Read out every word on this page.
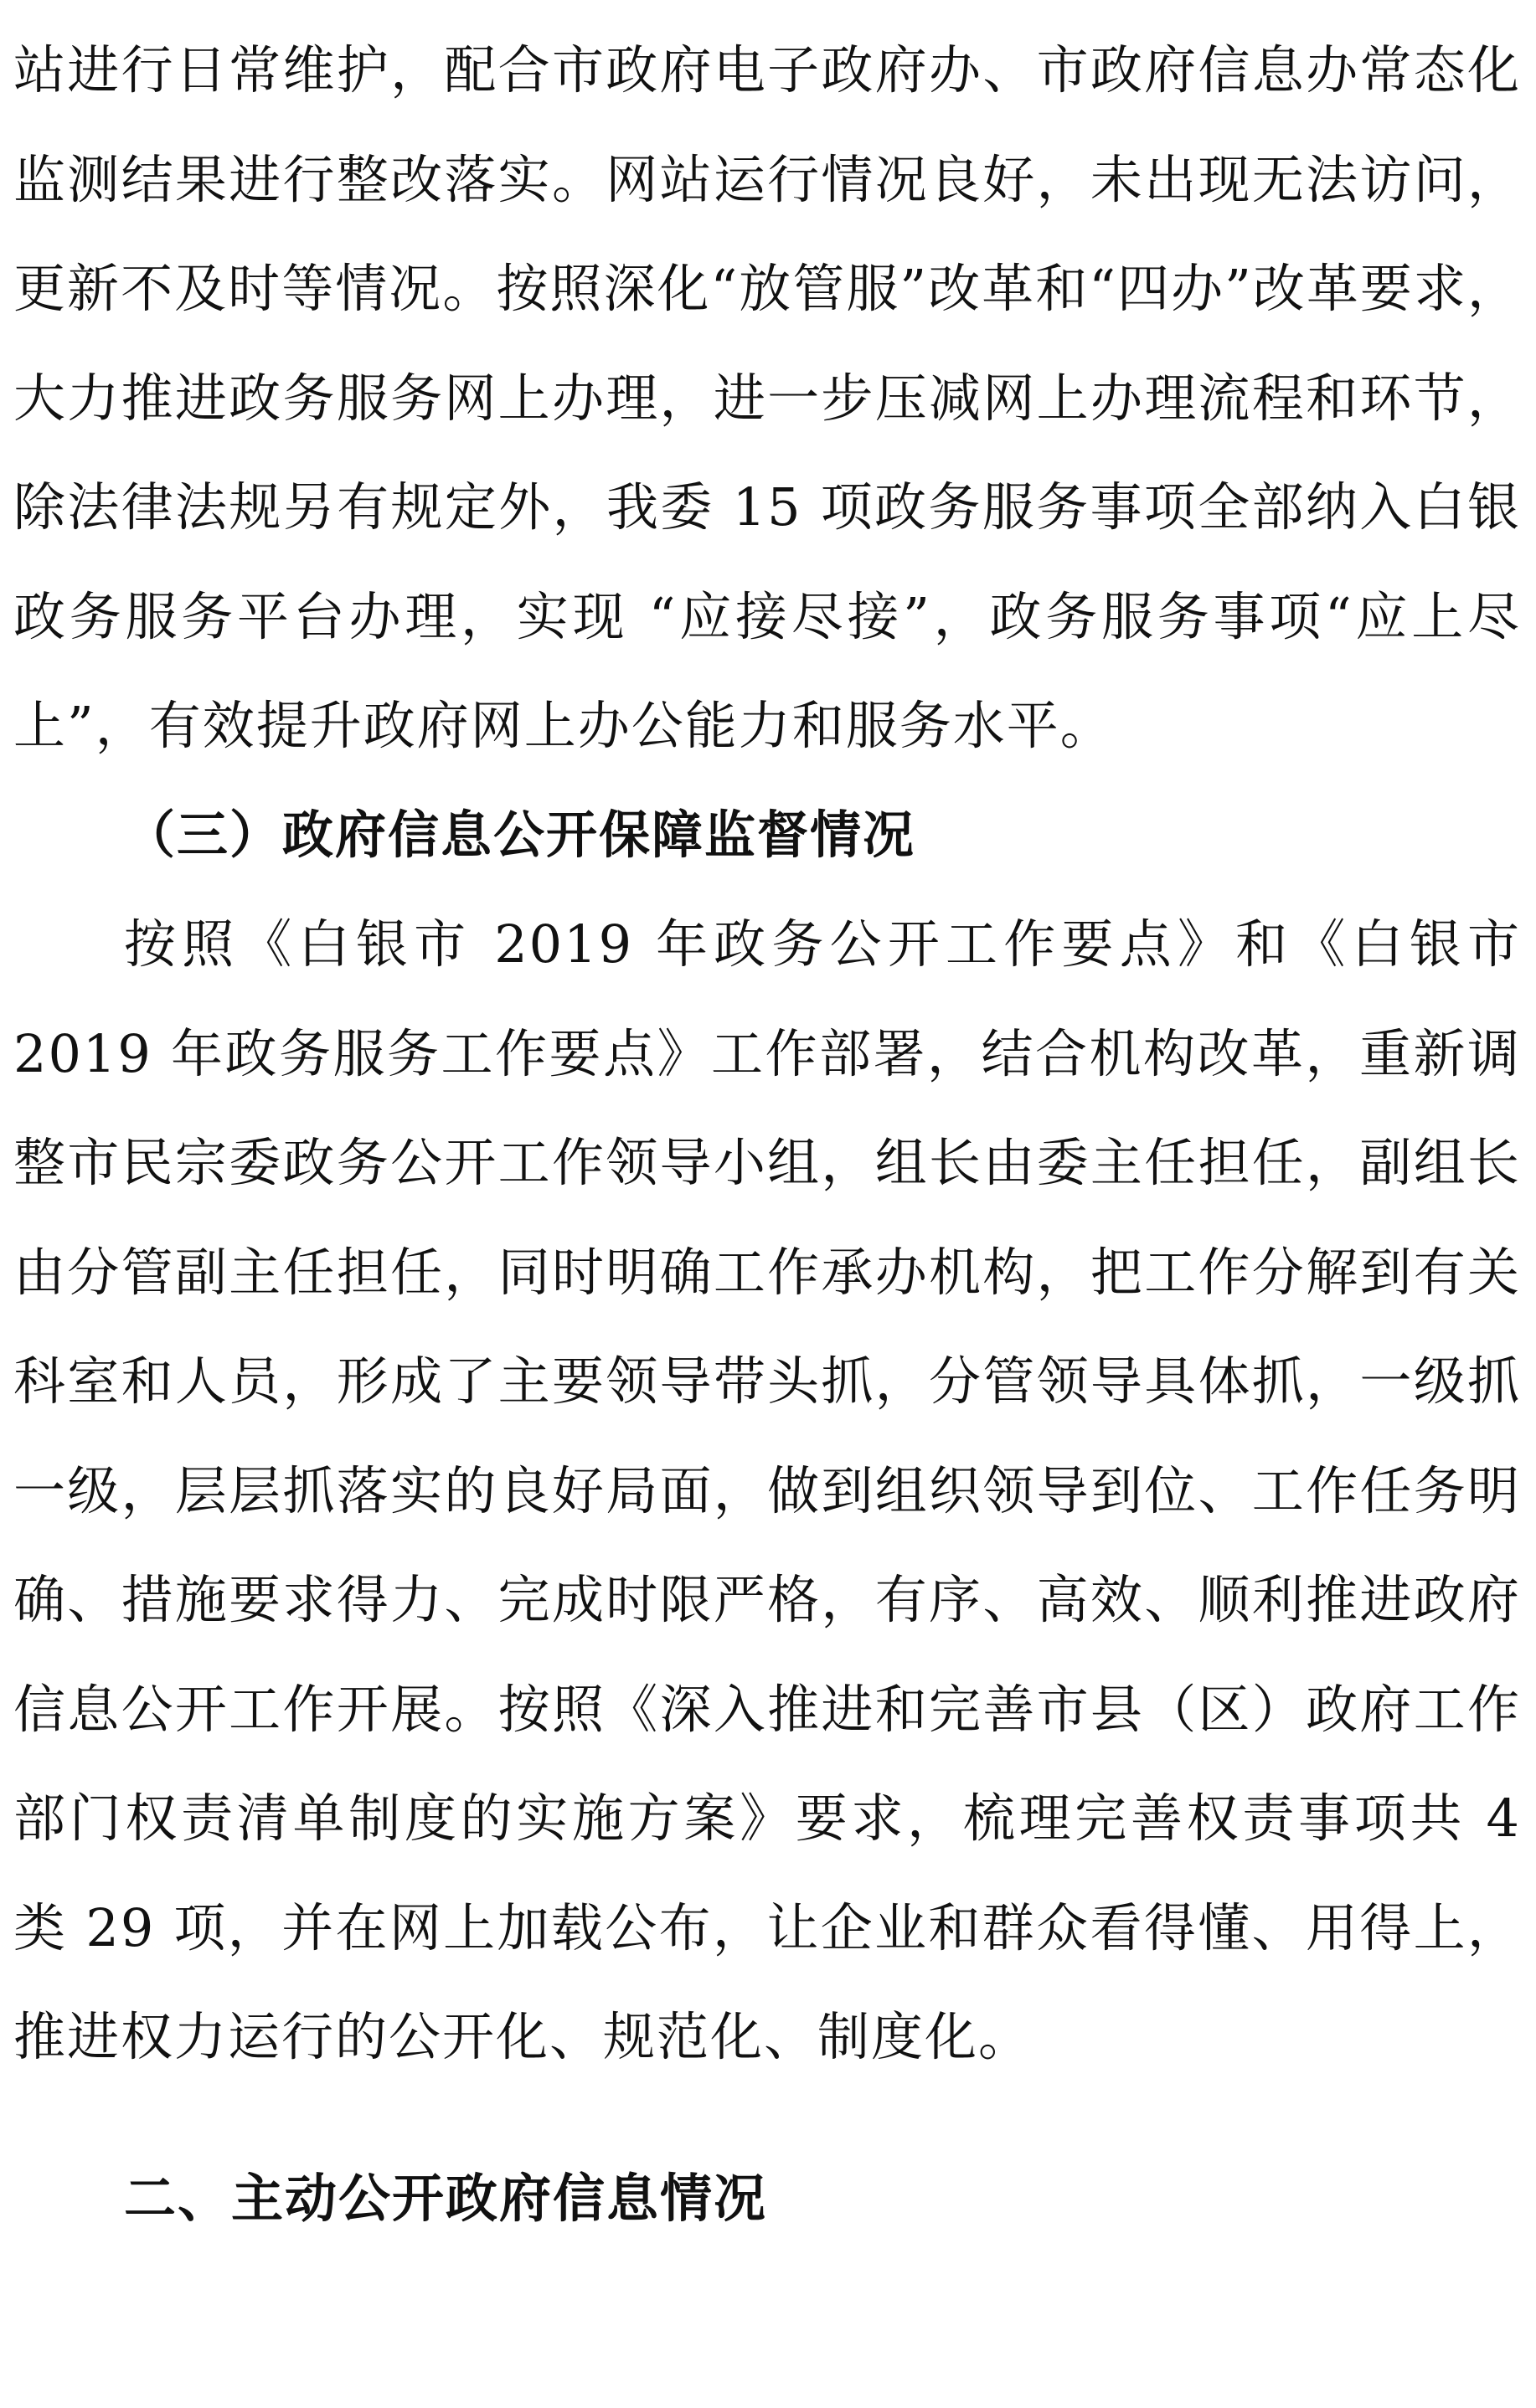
站进行日常维护，配合市政府电子政府办、市政府信息办常态化监测结果进行整改落实。网站运行情况良好，未出现无法访问，更新不及时等情况。按照深化“放管服”改革和“四办”改革要求，大力推进政务服务网上办理，进一步压减网上办理流程和环节，除法律法规另有规定外，我委 15 项政务服务事项全部纳入白银政务服务平台办理，实现 “应接尽接”，政务服务事项“应上尽上”，有效提升政府网上办公能力和服务水平。

（三）政府信息公开保障监督情况

按照《白银市 2019 年政务公开工作要点》和《白银市 2019 年政务服务工作要点》工作部署，结合机构改革，重新调整市民宗委政务公开工作领导小组，组长由委主任担任，副组长由分管副主任担任，同时明确工作承办机构，把工作分解到有关科室和人员，形成了主要领导带头抓，分管领导具体抓，一级抓一级，层层抓落实的良好局面，做到组织领导到位、工作任务明确、措施要求得力、完成时限严格，有序、高效、顺利推进政府信息公开工作开展。按照《深入推进和完善市县（区）政府工作部门权责清单制度的实施方案》要求，梳理完善权责事项共 4 类 29 项，并在网上加载公布，让企业和群众看得懂、用得上，推进权力运行的公开化、规范化、制度化。

二、主动公开政府信息情况
